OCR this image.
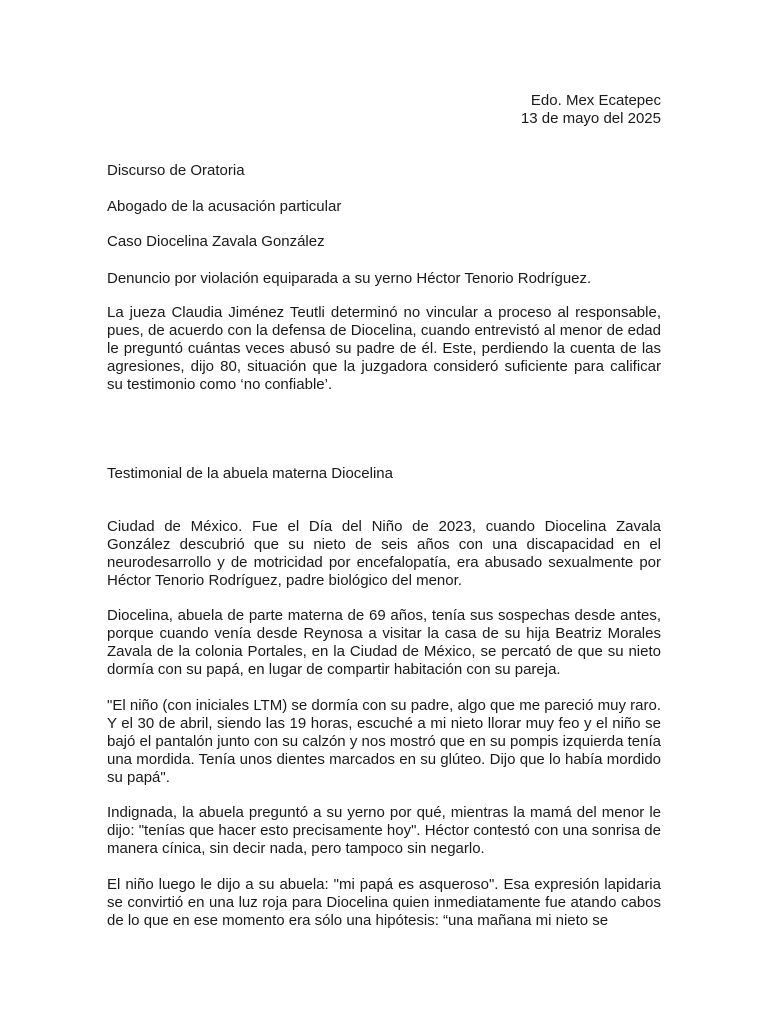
Edo. Mex Ecatepec
13 de mayo del 2025

Discurso de Oratoria

Abogado de la acusación particular

Caso Diocelina Zavala González

Denuncio por violación equiparada a su yerno Héctor Tenorio Rodríguez.

La jueza Claudia Jiménez Teutli determinó no vincular a proceso al responsable, pues, de acuerdo con la defensa de Diocelina, cuando entrevistó al menor de edad le preguntó cuántas veces abusó su padre de él. Este, perdiendo la cuenta de las agresiones, dijo 80, situación que la juzgadora consideró suficiente para calificar su testimonio como ‘no confiable’.

Testimonial de la abuela materna Diocelina

Ciudad de México. Fue el Día del Niño de 2023, cuando Diocelina Zavala González descubrió que su nieto de seis años con una discapacidad en el neurodesarrollo y de motricidad por encefalopatía, era abusado sexualmente por Héctor Tenorio Rodríguez, padre biológico del menor.

Diocelina, abuela de parte materna de 69 años, tenía sus sospechas desde antes, porque cuando venía desde Reynosa a visitar la casa de su hija Beatriz Morales Zavala de la colonia Portales, en la Ciudad de México, se percató de que su nieto dormía con su papá, en lugar de compartir habitación con su pareja.

"El niño (con iniciales LTM) se dormía con su padre, algo que me pareció muy raro. Y el 30 de abril, siendo las 19 horas, escuché a mi nieto llorar muy feo y el niño se bajó el pantalón junto con su calzón y nos mostró que en su pompis izquierda tenía una mordida. Tenía unos dientes marcados en su glúteo. Dijo que lo había mordido su papá".

Indignada, la abuela preguntó a su yerno por qué, mientras la mamá del menor le dijo: "tenías que hacer esto precisamente hoy". Héctor contestó con una sonrisa de manera cínica, sin decir nada, pero tampoco sin negarlo.

El niño luego le dijo a su abuela: "mi papá es asqueroso". Esa expresión lapidaria se convirtió en una luz roja para Diocelina quien inmediatamente fue atando cabos de lo que en ese momento era sólo una hipótesis: “una mañana mi nieto se
